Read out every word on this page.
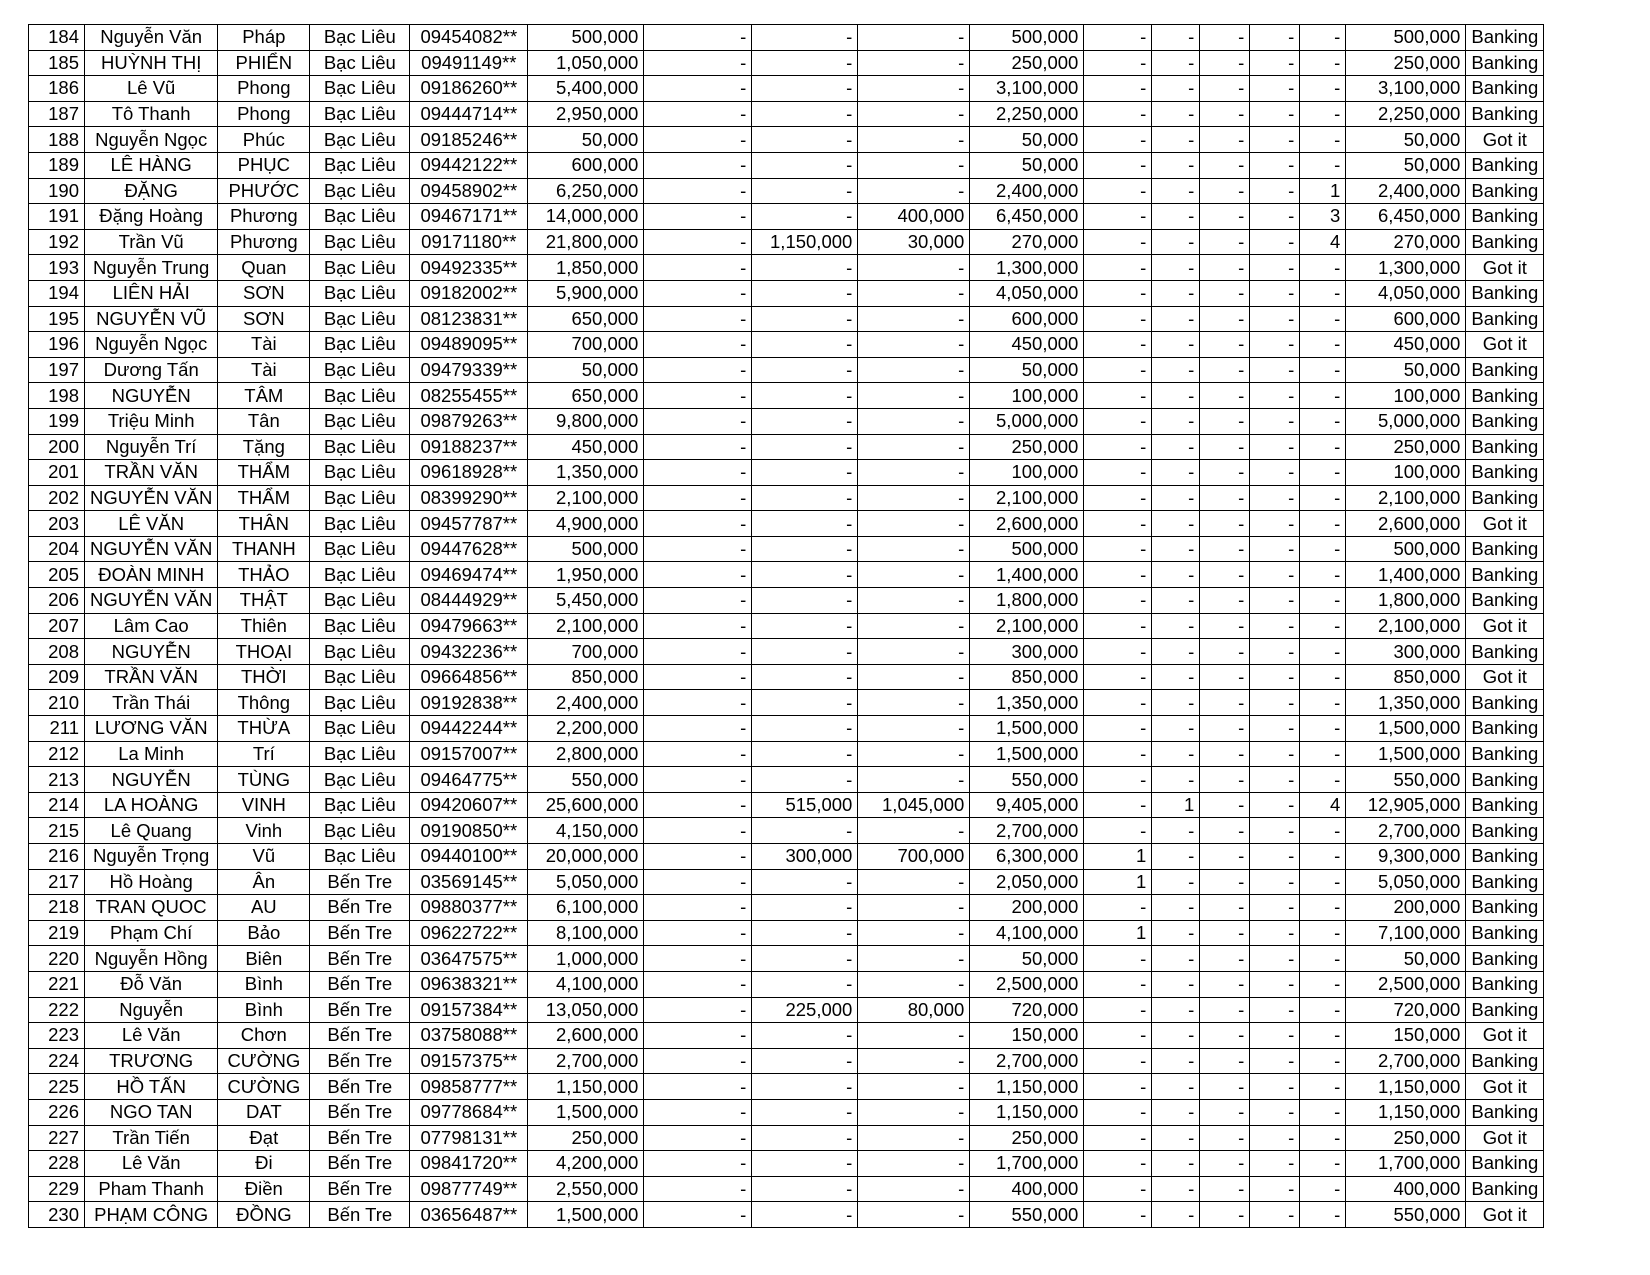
184	Nguyễn Văn	Pháp	Bạc Liêu	09454082**	500,000	-	-	-	500,000	-	-	-	-	-	500,000	Banking
185	HUỲNH THỊ	PHIỂN	Bạc Liêu	09491149**	1,050,000	-	-	-	250,000	-	-	-	-	-	250,000	Banking
186	Lê Vũ	Phong	Bạc Liêu	09186260**	5,400,000	-	-	-	3,100,000	-	-	-	-	-	3,100,000	Banking
187	Tô Thanh	Phong	Bạc Liêu	09444714**	2,950,000	-	-	-	2,250,000	-	-	-	-	-	2,250,000	Banking
188	Nguyễn Ngọc	Phúc	Bạc Liêu	09185246**	50,000	-	-	-	50,000	-	-	-	-	-	50,000	Got it
189	LÊ HÀNG	PHỤC	Bạc Liêu	09442122**	600,000	-	-	-	50,000	-	-	-	-	-	50,000	Banking
190	ĐẶNG	PHƯỚC	Bạc Liêu	09458902**	6,250,000	-	-	-	2,400,000	-	-	-	-	1	2,400,000	Banking
191	Đặng Hoàng	Phương	Bạc Liêu	09467171**	14,000,000	-	-	400,000	6,450,000	-	-	-	-	3	6,450,000	Banking
192	Trần Vũ	Phương	Bạc Liêu	09171180**	21,800,000	-	1,150,000	30,000	270,000	-	-	-	-	4	270,000	Banking
193	Nguyễn Trung	Quan	Bạc Liêu	09492335**	1,850,000	-	-	-	1,300,000	-	-	-	-	-	1,300,000	Got it
194	LIÊN HẢI	SƠN	Bạc Liêu	09182002**	5,900,000	-	-	-	4,050,000	-	-	-	-	-	4,050,000	Banking
195	NGUYỄN VŨ	SƠN	Bạc Liêu	08123831**	650,000	-	-	-	600,000	-	-	-	-	-	600,000	Banking
196	Nguyễn Ngọc	Tài	Bạc Liêu	09489095**	700,000	-	-	-	450,000	-	-	-	-	-	450,000	Got it
197	Dương Tấn	Tài	Bạc Liêu	09479339**	50,000	-	-	-	50,000	-	-	-	-	-	50,000	Banking
198	NGUYỄN	TÂM	Bạc Liêu	08255455**	650,000	-	-	-	100,000	-	-	-	-	-	100,000	Banking
199	Triệu Minh	Tân	Bạc Liêu	09879263**	9,800,000	-	-	-	5,000,000	-	-	-	-	-	5,000,000	Banking
200	Nguyễn Trí	Tặng	Bạc Liêu	09188237**	450,000	-	-	-	250,000	-	-	-	-	-	250,000	Banking
201	TRẦN VĂN	THẨM	Bạc Liêu	09618928**	1,350,000	-	-	-	100,000	-	-	-	-	-	100,000	Banking
202	NGUYỄN VĂN	THẨM	Bạc Liêu	08399290**	2,100,000	-	-	-	2,100,000	-	-	-	-	-	2,100,000	Banking
203	LÊ VĂN	THÂN	Bạc Liêu	09457787**	4,900,000	-	-	-	2,600,000	-	-	-	-	-	2,600,000	Got it
204	NGUYỄN VĂN	THANH	Bạc Liêu	09447628**	500,000	-	-	-	500,000	-	-	-	-	-	500,000	Banking
205	ĐOÀN MINH	THẢO	Bạc Liêu	09469474**	1,950,000	-	-	-	1,400,000	-	-	-	-	-	1,400,000	Banking
206	NGUYỄN VĂN	THẬT	Bạc Liêu	08444929**	5,450,000	-	-	-	1,800,000	-	-	-	-	-	1,800,000	Banking
207	Lâm Cao	Thiên	Bạc Liêu	09479663**	2,100,000	-	-	-	2,100,000	-	-	-	-	-	2,100,000	Got it
208	NGUYỄN	THOẠI	Bạc Liêu	09432236**	700,000	-	-	-	300,000	-	-	-	-	-	300,000	Banking
209	TRẦN VĂN	THỜI	Bạc Liêu	09664856**	850,000	-	-	-	850,000	-	-	-	-	-	850,000	Got it
210	Trần Thái	Thông	Bạc Liêu	09192838**	2,400,000	-	-	-	1,350,000	-	-	-	-	-	1,350,000	Banking
211	LƯƠNG VĂN	THỪA	Bạc Liêu	09442244**	2,200,000	-	-	-	1,500,000	-	-	-	-	-	1,500,000	Banking
212	La Minh	Trí	Bạc Liêu	09157007**	2,800,000	-	-	-	1,500,000	-	-	-	-	-	1,500,000	Banking
213	NGUYỄN	TÙNG	Bạc Liêu	09464775**	550,000	-	-	-	550,000	-	-	-	-	-	550,000	Banking
214	LA HOÀNG	VINH	Bạc Liêu	09420607**	25,600,000	-	515,000	1,045,000	9,405,000	-	1	-	-	4	12,905,000	Banking
215	Lê Quang	Vinh	Bạc Liêu	09190850**	4,150,000	-	-	-	2,700,000	-	-	-	-	-	2,700,000	Banking
216	Nguyễn Trọng	Vũ	Bạc Liêu	09440100**	20,000,000	-	300,000	700,000	6,300,000	1	-	-	-	-	9,300,000	Banking
217	Hồ Hoàng	Ân	Bến Tre	03569145**	5,050,000	-	-	-	2,050,000	1	-	-	-	-	5,050,000	Banking
218	TRAN QUOC	AU	Bến Tre	09880377**	6,100,000	-	-	-	200,000	-	-	-	-	-	200,000	Banking
219	Phạm Chí	Bảo	Bến Tre	09622722**	8,100,000	-	-	-	4,100,000	1	-	-	-	-	7,100,000	Banking
220	Nguyễn Hồng	Biên	Bến Tre	03647575**	1,000,000	-	-	-	50,000	-	-	-	-	-	50,000	Banking
221	Đỗ Văn	Bình	Bến Tre	09638321**	4,100,000	-	-	-	2,500,000	-	-	-	-	-	2,500,000	Banking
222	Nguyễn	Bình	Bến Tre	09157384**	13,050,000	-	225,000	80,000	720,000	-	-	-	-	-	720,000	Banking
223	Lê Văn	Chơn	Bến Tre	03758088**	2,600,000	-	-	-	150,000	-	-	-	-	-	150,000	Got it
224	TRƯƠNG	CƯỜNG	Bến Tre	09157375**	2,700,000	-	-	-	2,700,000	-	-	-	-	-	2,700,000	Banking
225	HỒ TẤN	CƯỜNG	Bến Tre	09858777**	1,150,000	-	-	-	1,150,000	-	-	-	-	-	1,150,000	Got it
226	NGO TAN	DAT	Bến Tre	09778684**	1,500,000	-	-	-	1,150,000	-	-	-	-	-	1,150,000	Banking
227	Trần Tiến	Đạt	Bến Tre	07798131**	250,000	-	-	-	250,000	-	-	-	-	-	250,000	Got it
228	Lê Văn	Đi	Bến Tre	09841720**	4,200,000	-	-	-	1,700,000	-	-	-	-	-	1,700,000	Banking
229	Pham Thanh	Điền	Bến Tre	09877749**	2,550,000	-	-	-	400,000	-	-	-	-	-	400,000	Banking
230	PHẠM CÔNG	ĐỒNG	Bến Tre	03656487**	1,500,000	-	-	-	550,000	-	-	-	-	-	550,000	Got it
